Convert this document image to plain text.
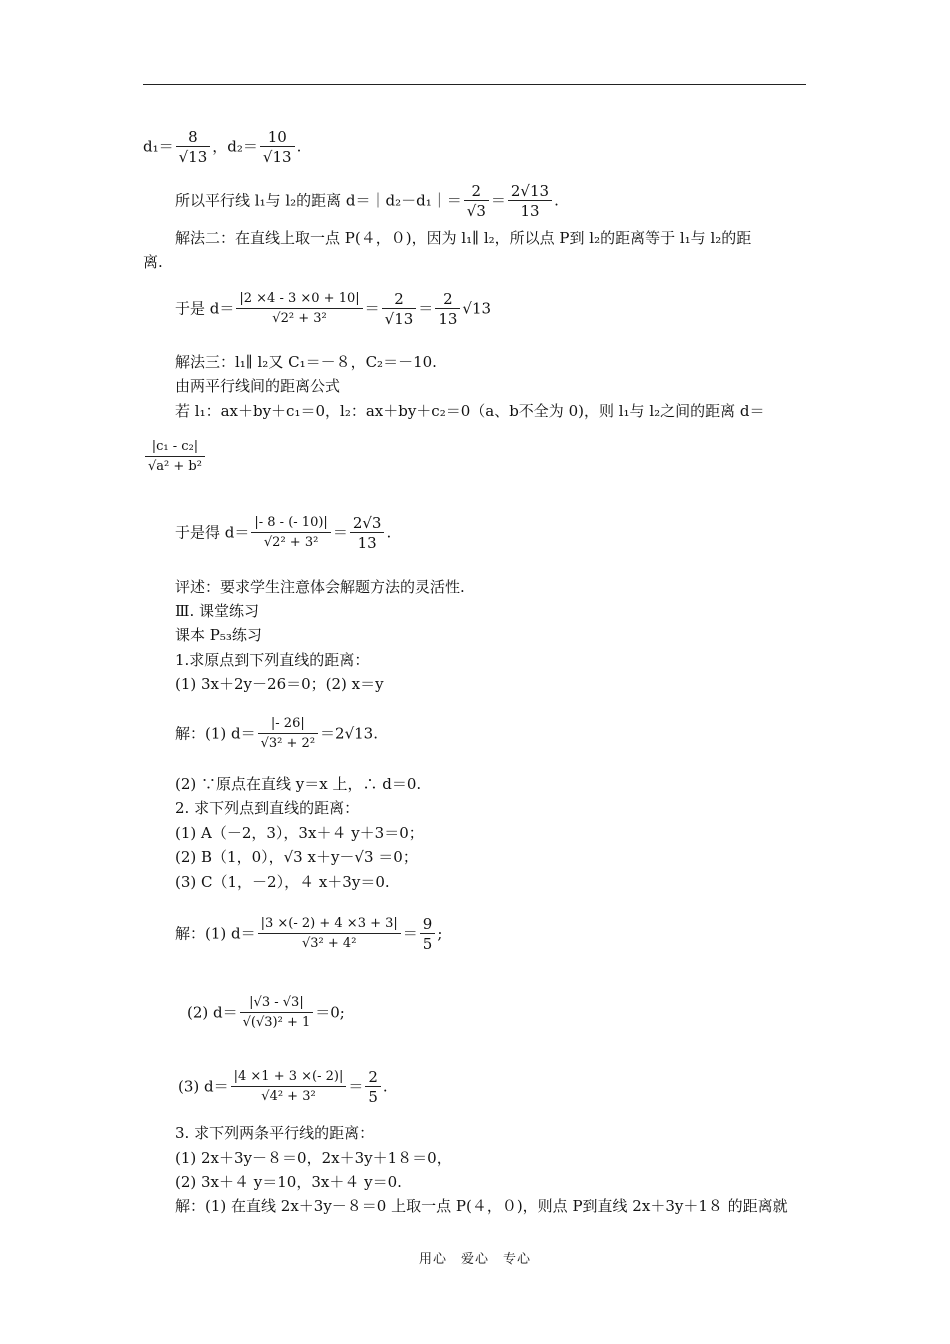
$d_1= \frac{8}{√13}$ ，$d_2= \frac{10}{√13}$ .
所以平行线 l₁与 l₂的距离 d＝｜d₂－d₁｜＝ $\frac{2}{√3} = \frac{2√13}{13}$ .
解法二：在直线上取一点 P(４，０)，因为 l₁∥ l₂，所以点 P到 l₂的距离等于 l₁与 l₂的距
离.
于是 $d= \frac{|2 \times 4 - 3 \times 0 + 10|}{\text{√2² + 3²}} = \frac{2}{√13} = \frac{2}{13} √13$
解法三：l₁∥ l₂又 C₁＝－８，C₂＝－10.
由两平行线间的距离公式
若 l₁：ax＋by＋c₁＝0，l₂：ax＋by＋c₂＝0（a、b不全为 0)，则 l₁与 l₂之间的距离 d＝
$\frac{\text{|c₁ - c₂|}}{\text{√a² + b²}}$
于是得 $d= \frac{|- 8 - (- 10)|}{\text{√2² + 3²}} = \frac{2√3}{13}$ .
评述：要求学生注意体会解题方法的灵活性.
Ⅲ. 课堂练习
课本 P₅₃练习
1.求原点到下列直线的距离：
(1) 3x＋2y－26＝0；(2) x＝y
解：(1) $d= \frac{|- 26|}{\text{√3² + 2²}} =2√13$.
(2) ∵原点在直线 y＝x 上，∴ d＝0.
2. 求下列点到直线的距离：
(1) A（－2，3），3x＋４ y＋3＝0；
(2) B（1，0），√3 x＋y－√3 ＝0；
(3) C（1，－2），４ x＋3y＝0.
解：(1) $d= \frac{|3 \times(- 2) + 4 \times 3 + 3|}{\text{√3² + 4²}} = \frac{9}{5}$ ;
(2) $d= \frac{|√3 - √3|}{\text{√(√3)² + 1}} =0$;
(3) $d= \frac{|4 \times 1 + 3 \times(- 2)|}{\text{√4² + 3²}} = \frac{2}{5}$ .
3. 求下列两条平行线的距离：
(1) 2x＋3y－８＝0，2x＋3y＋1８＝0，
(2) 3x＋４ y＝10，3x＋４ y＝0.
解：(1) 在直线 2x＋3y－８＝0 上取一点 P(４，０)，则点 P到直线 2x＋3y＋1８ 的距离就
用心　爱心　专心
